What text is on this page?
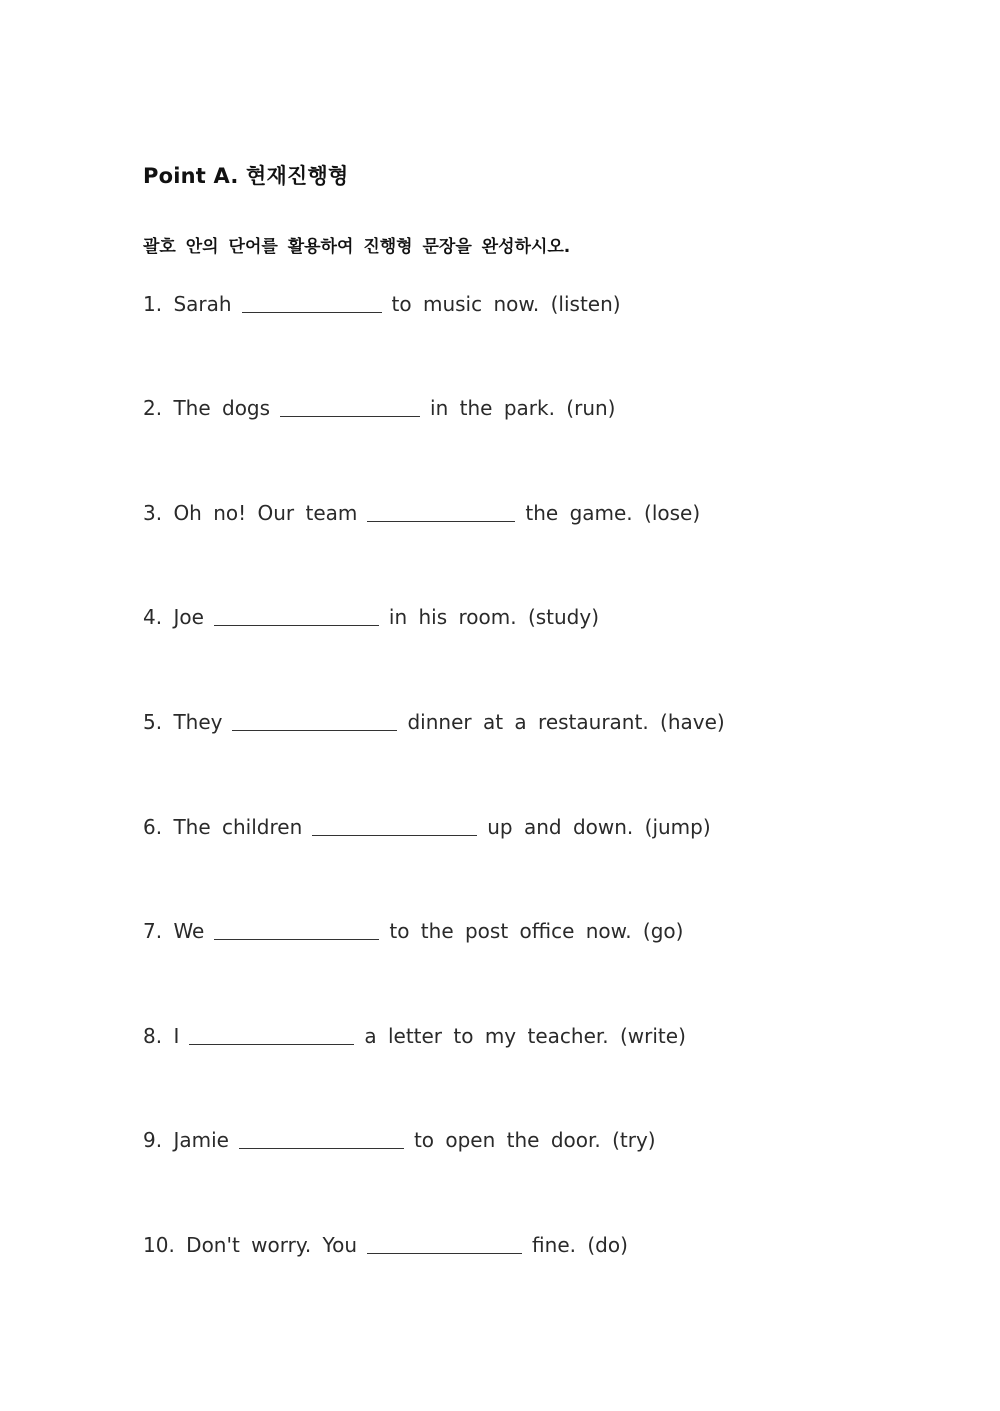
Point A. 현재진행형
괄호 안의 단어를 활용하여 진행형 문장을 완성하시오.
1. Sarah	to music now. (listen)
2. The dogs	in the park. (run)
3. Oh no! Our team	the game. (lose)
4. Joe	in his room. (study)
5. They	dinner at a restaurant. (have)
6. The children	up and down. (jump)
7. We	to the post office now. (go)
8. I	a letter to my teacher. (write)
9. Jamie	to open the door. (try)
10. Don't worry. You	fine. (do)
